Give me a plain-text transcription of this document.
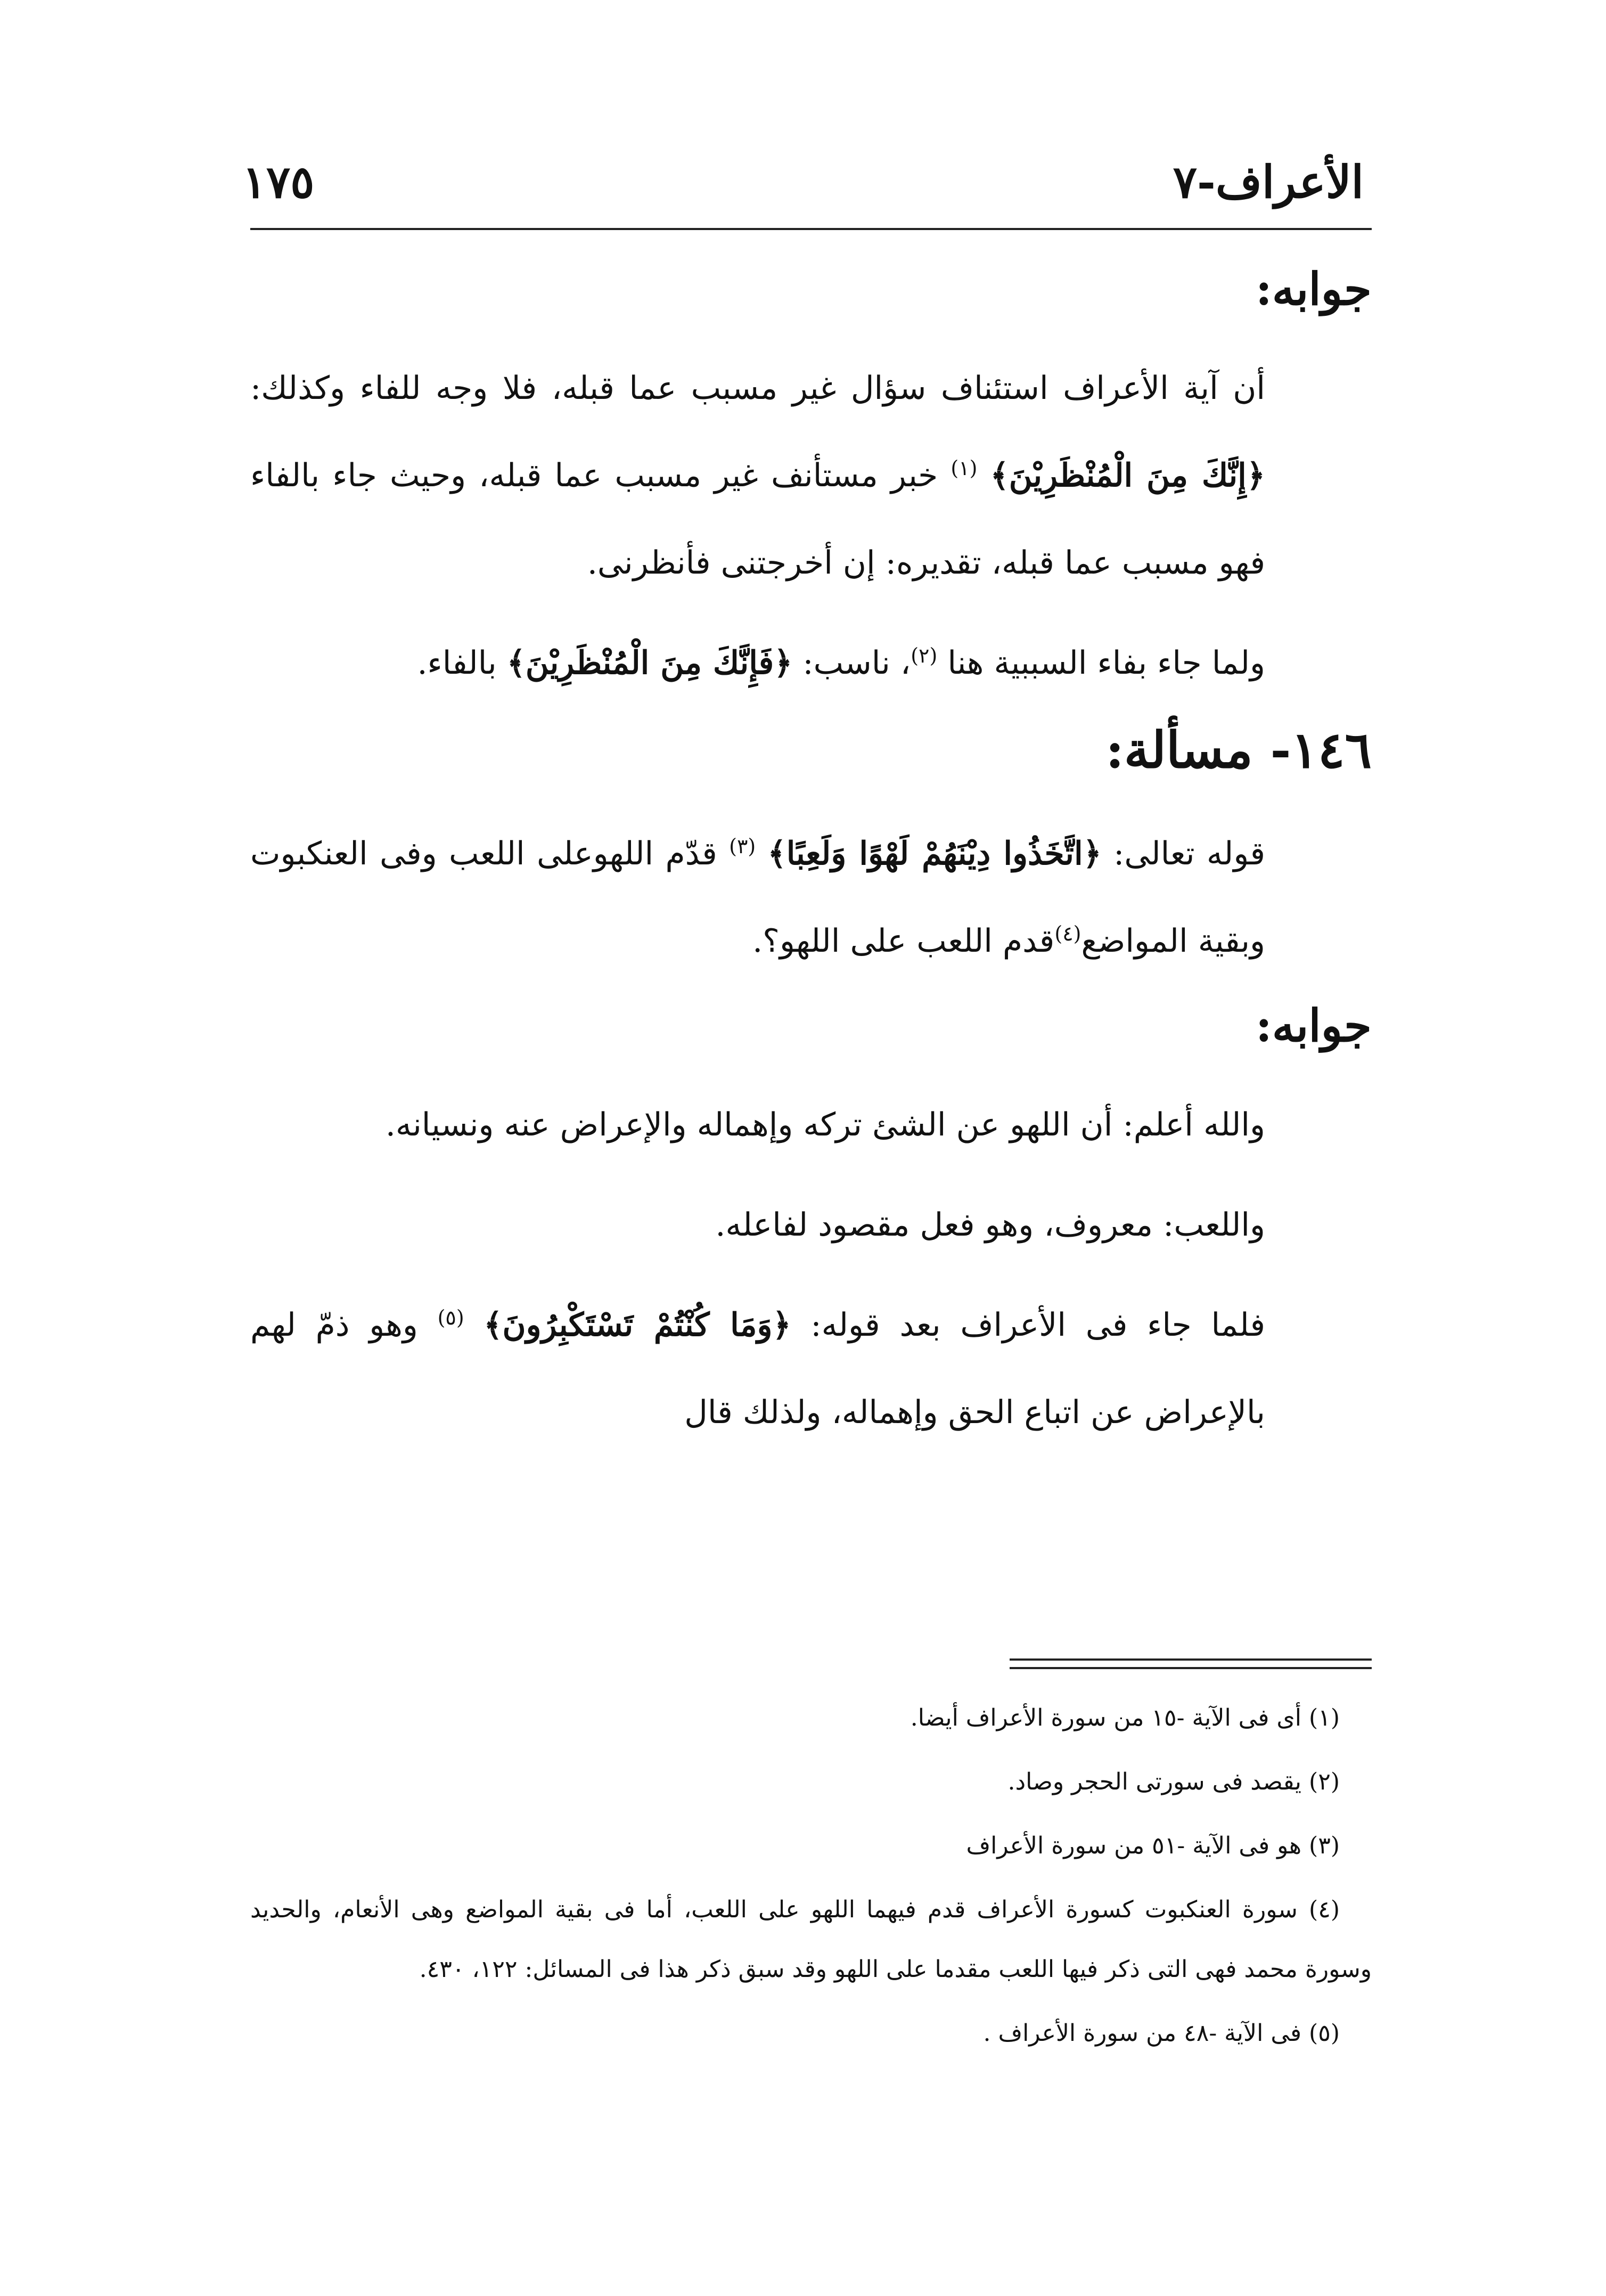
الأعراف-٧
١٧٥
جوابه:

أن آية الأعراف استئناف سؤال غير مسبب عما قبله، فلا وجه للفاء وكذلك: ﴿إِنَّكَ مِنَ الْمُنْظَرِيْنَ﴾ $^{(١)}$ خبر مستأنف غير مسبب عما قبله، وحيث جاء بالفاء فهو مسبب عما قبله، تقديره: إن أخرجتنى فأنظرنى.

ولما جاء بفاء السببية هنا $^{(٢)}$، ناسب: ﴿فَإِنَّكَ مِنَ الْمُنْظَرِيْنَ﴾ بالفاء.

١٤٦- مسألة:

قوله تعالى: ﴿اتَّخَذُوا دِيْنَهُمْ لَهْوًا وَلَعِبًا﴾ $^{(٣)}$ قدّم اللهوعلى اللعب وفى العنكبوت وبقية المواضع$^{(٤)}$قدم اللعب على اللهو؟.

جوابه:

والله أعلم: أن اللهو عن الشئ تركه وإهماله والإعراض عنه ونسيانه.

واللعب: معروف، وهو فعل مقصود لفاعله.

فلما جاء فى الأعراف بعد قوله: ﴿وَمَا كُنْتُمْ تَسْتَكْبِرُونَ﴾ $^{(٥)}$ وهو ذمّ لهم بالإعراض عن اتباع الحق وإهماله، ولذلك قال

(١) أى فى الآية -١٥ من سورة الأعراف أيضا.

(٢) يقصد فى سورتى الحجر وصاد.

(٣) هو فى الآية -٥١ من سورة الأعراف

(٤) سورة العنكبوت كسورة الأعراف قدم فيهما اللهو على اللعب، أما فى بقية المواضع وهى الأنعام، والحديد وسورة محمد فهى التى ذكر فيها اللعب مقدما على اللهو وقد سبق ذكر هذا فى المسائل: ١٢٢، ٤٣٠.

(٥) فى الآية -٤٨ من سورة الأعراف .
